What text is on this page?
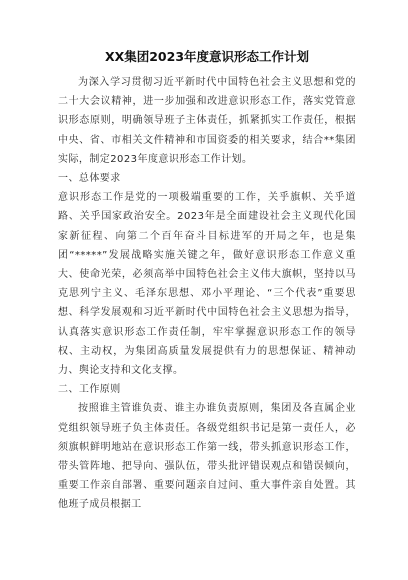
XX集团2023年度意识形态工作计划

为深入学习贯彻习近平新时代中国特色社会主义思想和党的二十大会议精神，进一步加强和改进意识形态工作，落实党管意识形态原则，明确领导班子主体责任，抓紧抓实工作责任，根据中央、省、市相关文件精神和市国资委的相关要求，结合**集团实际，制定2023年度意识形态工作计划。

一、总体要求

意识形态工作是党的一项极端重要的工作，关乎旗帜、关乎道路、关乎国家政治安全。2023年是全面建设社会主义现代化国家新征程、向第二个百年奋斗目标进军的开局之年，也是集团“*****”发展战略实施关键之年，做好意识形态工作意义重大、使命光荣，必须高举中国特色社会主义伟大旗帜，坚持以马克思列宁主义、毛泽东思想、邓小平理论、“三个代表”重要思想、科学发展观和习近平新时代中国特色社会主义思想为指导，认真落实意识形态工作责任制，牢牢掌握意识形态工作的领导权、主动权，为集团高质量发展提供有力的思想保证、精神动力、舆论支持和文化支撑。

二、工作原则

按照谁主管谁负责、谁主办谁负责原则，集团及各直属企业党组织领导班子负主体责任。各级党组织书记是第一责任人，必须旗帜鲜明地站在意识形态工作第一线，带头抓意识形态工作，带头管阵地、把导向、强队伍，带头批评错误观点和错误倾向，重要工作亲自部署、重要问题亲自过问、重大事件亲自处置。其他班子成员根据工
